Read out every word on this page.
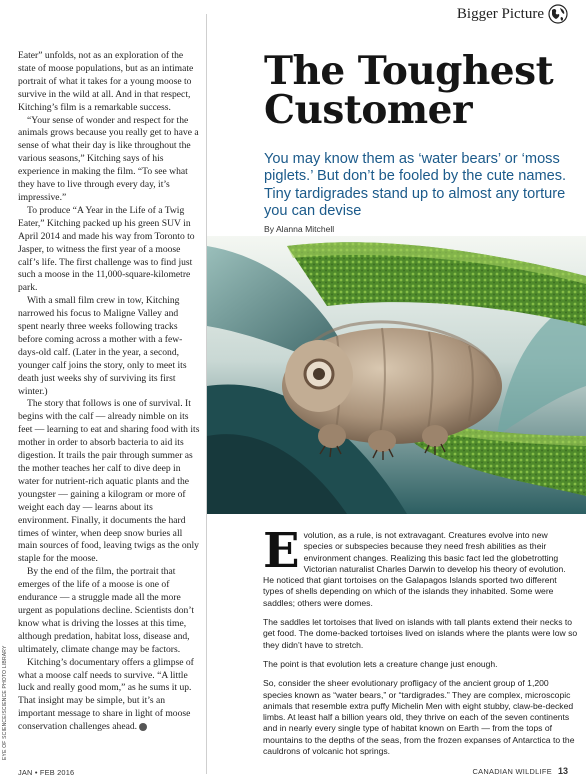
Eater” unfolds, not as an exploration of the state of moose populations, but as an intimate portrait of what it takes for a young moose to survive in the wild at all. And in that respect, Kitching’s film is a remarkable success.

“Your sense of wonder and respect for the animals grows because you really get to have a sense of what their day is like throughout the various seasons,” Kitching says of his experience in making the film. “To see what they have to live through every day, it’s impressive.”

To produce “A Year in the Life of a Twig Eater,” Kitching packed up his green SUV in April 2014 and made his way from Toronto to Jasper, to witness the first year of a moose calf’s life. The first challenge was to find just such a moose in the 11,000-square-kilometre park.

With a small film crew in tow, Kitching narrowed his focus to Maligne Valley and spent nearly three weeks following tracks before coming across a mother with a few-days-old calf. (Later in the year, a second, younger calf joins the story, only to meet its death just weeks shy of surviving its first winter.)

The story that follows is one of survival. It begins with the calf — already nimble on its feet — learning to eat and sharing food with its mother in order to absorb bacteria to aid its digestion. It trails the pair through summer as the mother teaches her calf to dive deep in water for nutrient-rich aquatic plants and the youngster — gaining a kilogram or more of weight each day — learns about its environment. Finally, it documents the hard times of winter, when deep snow buries all main sources of food, leaving twigs as the only staple for the moose.

By the end of the film, the portrait that emerges of the life of a moose is one of endurance — a struggle made all the more urgent as populations decline. Scientists don’t know what is driving the losses at this time, although predation, habitat loss, disease and, ultimately, climate change may be factors.

Kitching’s documentary offers a glimpse of what a moose calf needs to survive. “A little luck and really good mom,” as he sums it up. That insight may be simple, but it’s an important message to share in light of moose conservation challenges ahead.

EYE OF SCIENCE/SCIENCE PHOTO LIBRARY
Bigger Picture
The Toughest Customer

You may know them as ‘water bears’ or ‘moss piglets.’ But don’t be fooled by the cute names. Tiny tardigrades stand up to almost any torture you can devise

By Alanna Mitchell

Evolution, as a rule, is not extravagant. Creatures evolve into new species or subspecies because they need fresh abilities as their environment changes. Realizing this basic fact led the globetrotting Victorian naturalist Charles Darwin to develop his theory of evolution. He noticed that giant tortoises on the Galapagos Islands sported two different types of shells depending on which of the islands they inhabited. Some were saddles; others were domes.

The saddles let tortoises that lived on islands with tall plants extend their necks to get food. The dome-backed tortoises lived on islands where the plants were low so they didn’t have to stretch.

The point is that evolution lets a creature change just enough.

So, consider the sheer evolutionary profligacy of the ancient group of 1,200 species known as “water bears,” or “tardigrades.” They are complex, microscopic animals that resemble extra puffy Michelin Men with eight stubby, claw-be-decked limbs. At least half a billion years old, they thrive on each of the seven continents and in nearly every single type of habitat known on Earth — from the tops of mountains to the depths of the seas, from the frozen expanses of Antarctica to the cauldrons of volcanic hot springs.

JAN • FEB 2016	CANADIAN WILDLIFE 13
